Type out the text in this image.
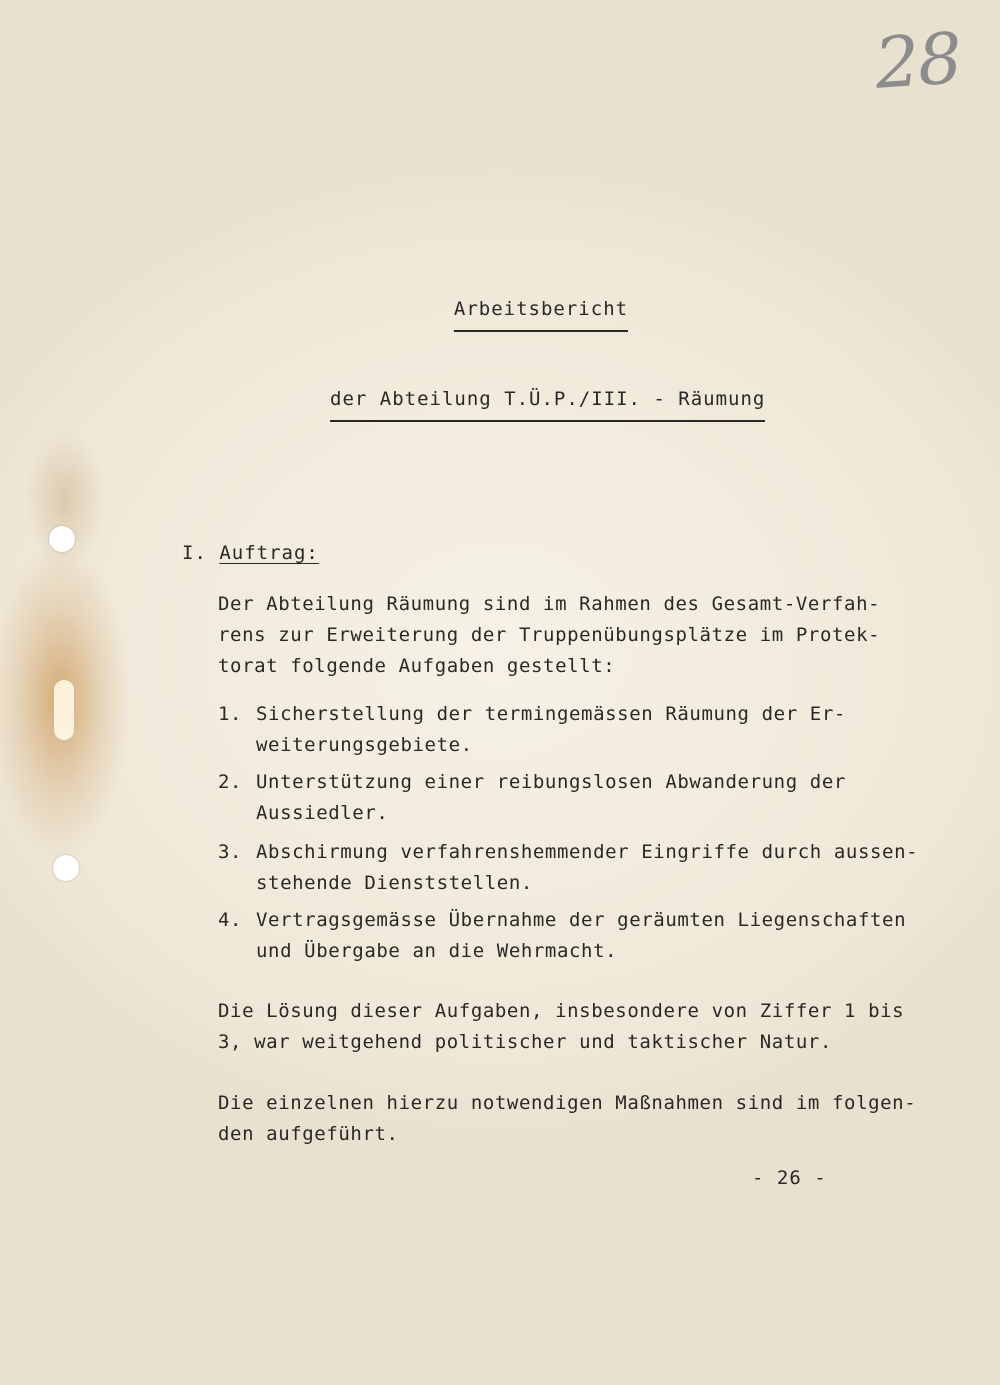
28
Arbeitsbericht
der Abteilung T.Ü.P./III. - Räumung
I. Auftrag:
Der Abteilung Räumung sind im Rahmen des Gesamt-Verfah-
rens zur Erweiterung der Truppenübungsplätze im Protek-
torat folgende Aufgaben gestellt:
1. Sicherstellung der termingemässen Räumung der Er-
weiterungsgebiete.
2. Unterstützung einer reibungslosen Abwanderung der
Aussiedler.
3. Abschirmung verfahrenshemmender Eingriffe durch aussen-
stehende Dienststellen.
4. Vertragsgemässe Übernahme der geräumten Liegenschaften
und Übergabe an die Wehrmacht.
Die Lösung dieser Aufgaben, insbesondere von Ziffer 1 bis
3, war weitgehend politischer und taktischer Natur.
Die einzelnen hierzu notwendigen Maßnahmen sind im folgen-
den aufgeführt.
- 26 -
